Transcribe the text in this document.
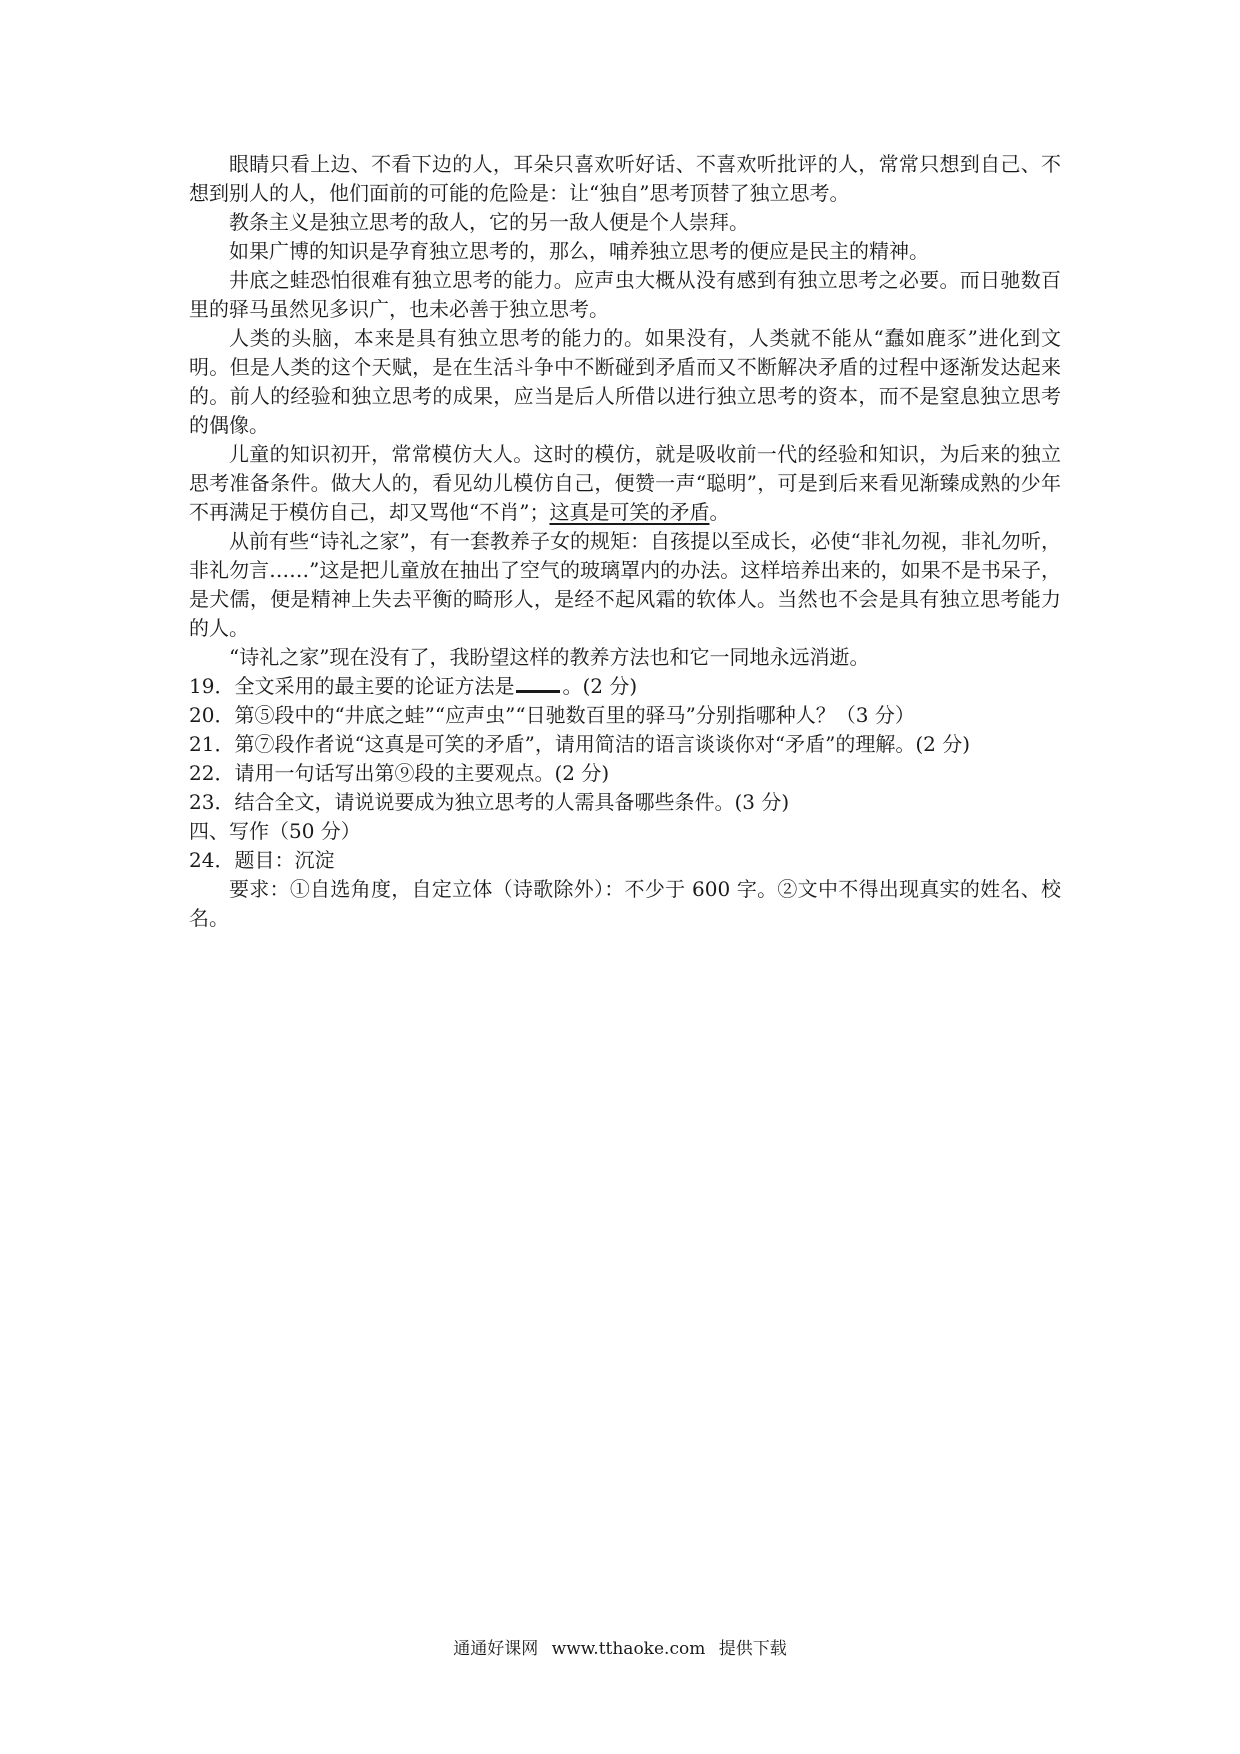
眼睛只看上边、不看下边的人，耳朵只喜欢听好话、不喜欢听批评的人，常常只想到自己、不想到别人的人，他们面前的可能的危险是：让“独自”思考顶替了独立思考。

教条主义是独立思考的敌人，它的另一敌人便是个人崇拜。

如果广博的知识是孕育独立思考的，那么，哺养独立思考的便应是民主的精神。

井底之蛙恐怕很难有独立思考的能力。应声虫大概从没有感到有独立思考之必要。而日驰数百里的驿马虽然见多识广，也未必善于独立思考。

人类的头脑，本来是具有独立思考的能力的。如果没有，人类就不能从“蠢如鹿豕”进化到文明。但是人类的这个天赋，是在生活斗争中不断碰到矛盾而又不断解决矛盾的过程中逐渐发达起来的。前人的经验和独立思考的成果，应当是后人所借以进行独立思考的资本，而不是窒息独立思考的偶像。

儿童的知识初开，常常模仿大人。这时的模仿，就是吸收前一代的经验和知识，为后来的独立思考准备条件。做大人的，看见幼儿模仿自己，便赞一声“聪明”，可是到后来看见渐臻成熟的少年不再满足于模仿自己，却又骂他“不肖”；这真是可笑的矛盾。

从前有些“诗礼之家”，有一套教养子女的规矩：自孩提以至成长，必使“非礼勿视，非礼勿听，非礼勿言……”这是把儿童放在抽出了空气的玻璃罩内的办法。这样培养出来的，如果不是书呆子，是犬儒，便是精神上失去平衡的畸形人，是经不起风霜的软体人。当然也不会是具有独立思考能力的人。

“诗礼之家”现在没有了，我盼望这样的教养方法也和它一同地永远消逝。

19．全文采用的最主要的论证方法是 。(2 分)

20．第⑤段中的“井底之蛙”“应声虫”“日驰数百里的驿马”分别指哪种人？（3 分）

21．第⑦段作者说“这真是可笑的矛盾”，请用简洁的语言谈谈你对“矛盾”的理解。(2 分)

22．请用一句话写出第⑨段的主要观点。(2 分)

23．结合全文，请说说要成为独立思考的人需具备哪些条件。(3 分)

四、写作（50 分）

24．题目：沉淀

要求：①自选角度，自定立体（诗歌除外）：不少于 600 字。②文中不得出现真实的姓名、校名。

通通好课网 www.tthaoke.com 提供下载
